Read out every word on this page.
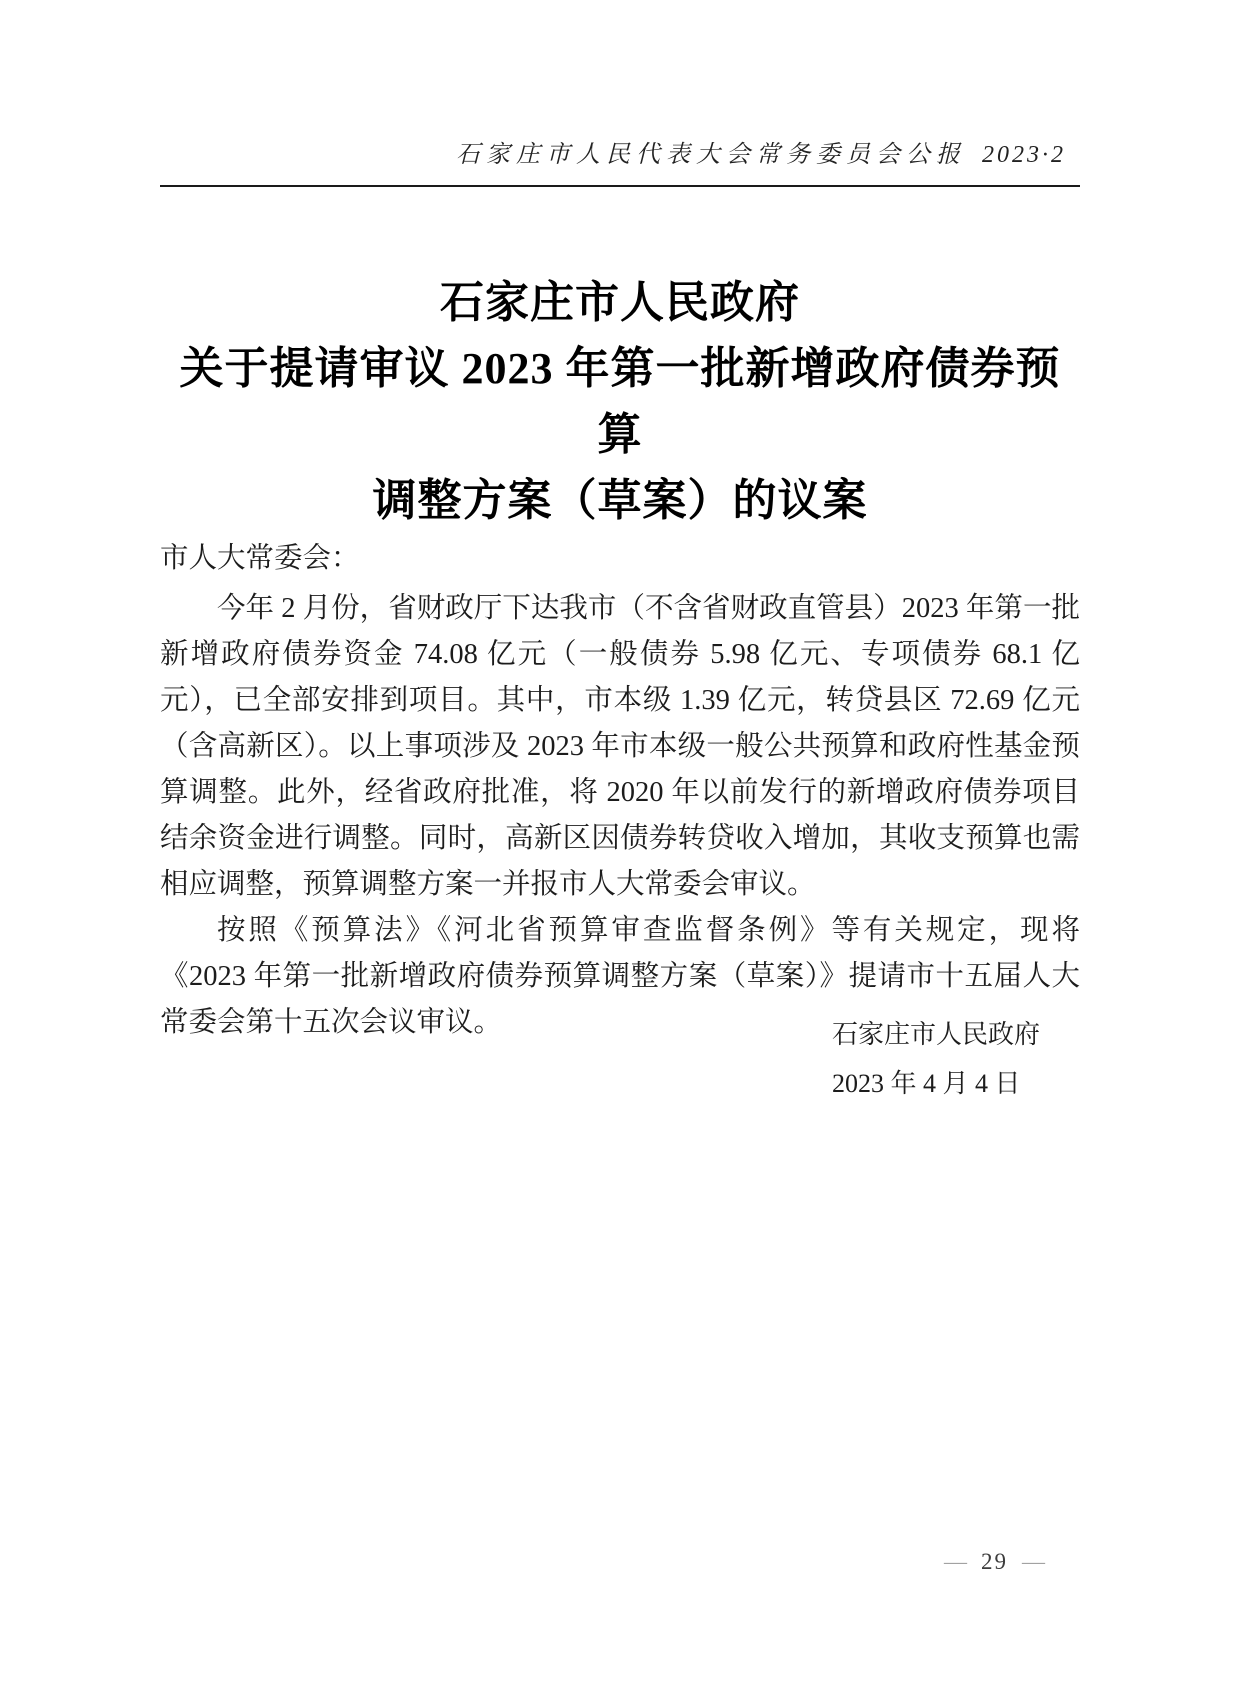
石家庄市人民代表大会常务委员会公报 2023·2
石家庄市人民政府
关于提请审议 2023 年第一批新增政府债券预算
调整方案（草案）的议案

市人大常委会：

今年 2 月份，省财政厅下达我市（不含省财政直管县）2023 年第一批新增政府债券资金 74.08 亿元（一般债券 5.98 亿元、专项债券 68.1 亿元），已全部安排到项目。其中，市本级 1.39 亿元，转贷县区 72.69 亿元（含高新区）。以上事项涉及 2023 年市本级一般公共预算和政府性基金预算调整。此外，经省政府批准，将 2020 年以前发行的新增政府债券项目结余资金进行调整。同时，高新区因债券转贷收入增加，其收支预算也需相应调整，预算调整方案一并报市人大常委会审议。

按照《预算法》《河北省预算审查监督条例》等有关规定，现将《2023 年第一批新增政府债券预算调整方案（草案）》提请市十五届人大常委会第十五次会议审议。	石家庄市人民政府
2023 年 4 月 4 日
— 29 —
